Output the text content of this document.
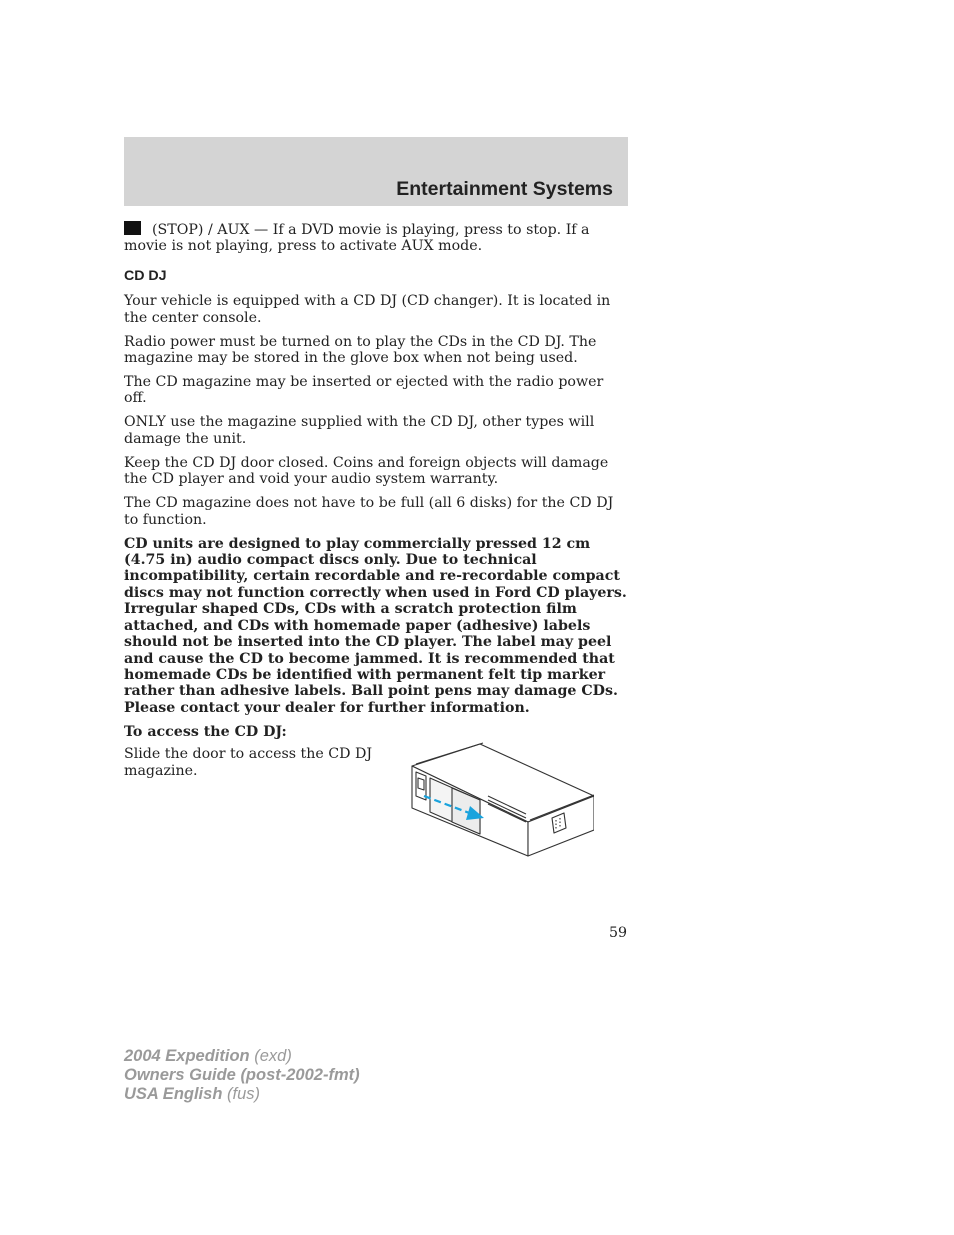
Entertainment Systems

(STOP) / AUX — If a DVD movie is playing, press to stop. If a movie is not playing, press to activate AUX mode.

CD DJ

Your vehicle is equipped with a CD DJ (CD changer). It is located in the center console.

Radio power must be turned on to play the CDs in the CD DJ. The magazine may be stored in the glove box when not being used.

The CD magazine may be inserted or ejected with the radio power off.

ONLY use the magazine supplied with the CD DJ, other types will damage the unit.

Keep the CD DJ door closed. Coins and foreign objects will damage the CD player and void your audio system warranty.

The CD magazine does not have to be full (all 6 disks) for the CD DJ to function.

CD units are designed to play commercially pressed 12 cm (4.75 in) audio compact discs only. Due to technical incompatibility, certain recordable and re-recordable compact discs may not function correctly when used in Ford CD players. Irregular shaped CDs, CDs with a scratch protection film attached, and CDs with homemade paper (adhesive) labels should not be inserted into the CD player. The label may peel and cause the CD to become jammed. It is recommended that homemade CDs be identified with permanent felt tip marker rather than adhesive labels. Ball point pens may damage CDs. Please contact your dealer for further information.

To access the CD DJ:

Slide the door to access the CD DJ magazine.

59
2004 Expedition (exd)
Owners Guide (post-2002-fmt)
USA English (fus)
